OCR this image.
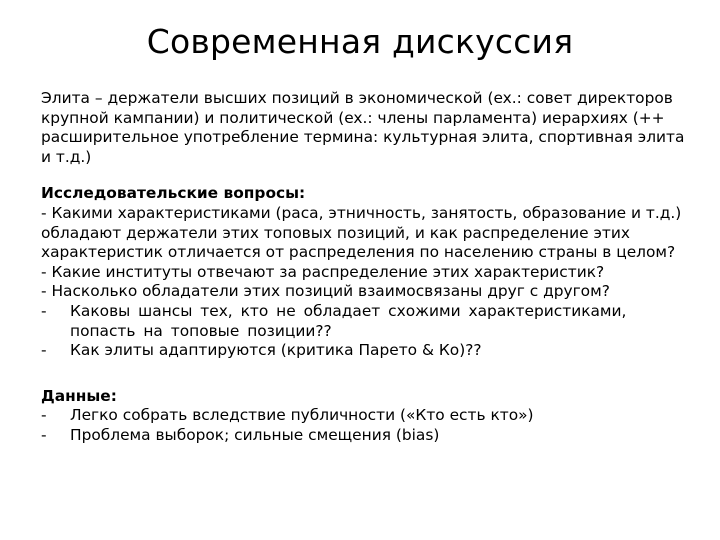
Современная дискуссия

Элита – держатели высших позиций в экономической (ex.: совет директоров крупной кампании) и политической (ex.: члены парламента) иерархиях (++ расширительное употребление термина: культурная элита, спортивная элита и т.д.)

Исследовательские вопросы:

- Какими характеристиками (раса, этничность, занятость, образование и т.д.) обладают держатели этих топовых позиций, и как распределение этих характеристик отличается от распределения по населению страны в целом?

- Какие институты отвечают за распределение этих характеристик?

- Насколько обладатели этих позиций взаимосвязаны друг с другом?

-	Каковы шансы тех, кто не обладает схожими характеристиками, попасть на топовые позиции??
-	Как элиты адаптируются (критика Парето & Ко)??

Данные:

-	Легко собрать вследствие публичности («Кто есть кто»)
-	Проблема выборок; сильные смещения (bias)
